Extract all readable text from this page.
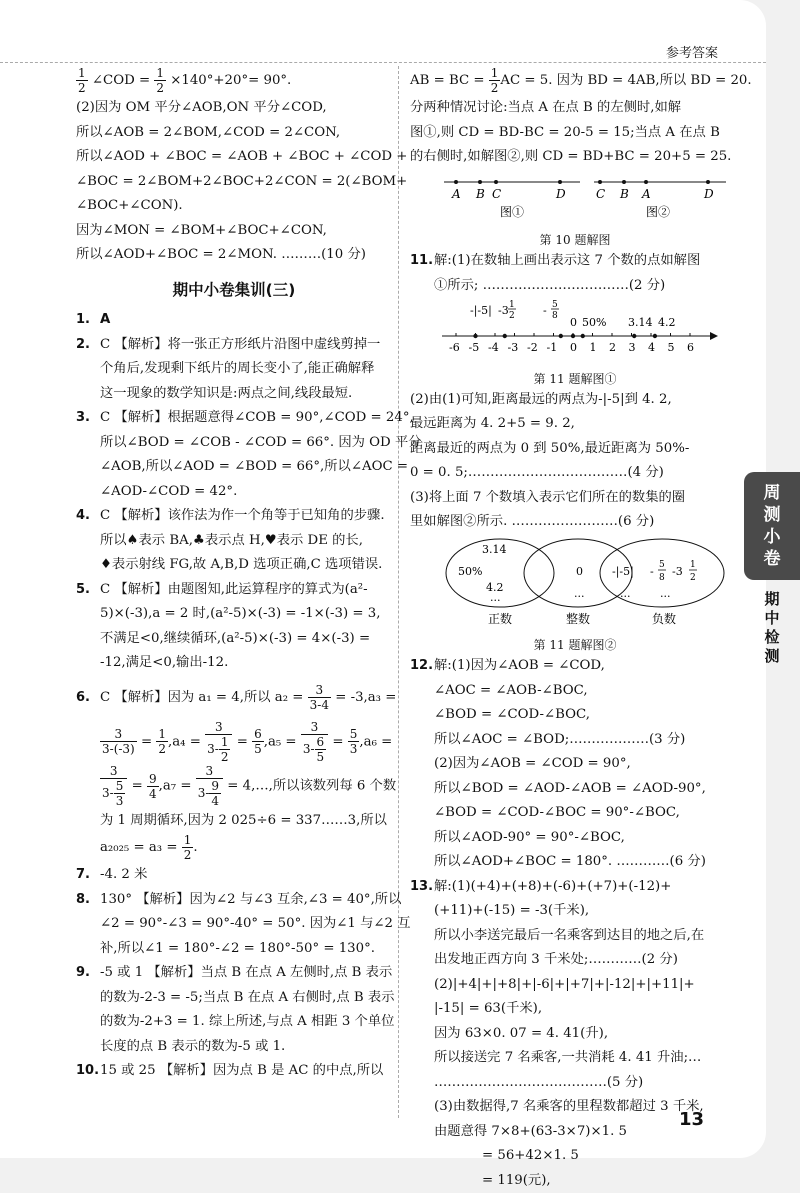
参考答案
$\frac{1}{2}$ ∠COD = $\frac{1}{2} \times 140^\circ+20^\circ= 90^\circ$.
(2)因为 OM 平分∠AOB,ON 平分∠COD,
所以∠AOB = 2∠BOM,∠COD = 2∠CON,
所以∠AOD + ∠BOC = ∠AOB + ∠BOC + ∠COD +
∠BOC = 2∠BOM+2∠BOC+2∠CON = 2(∠BOM+
∠BOC+∠CON).
因为∠MON = ∠BOM+∠BOC+∠CON,
所以∠AOD+∠BOC = 2∠MON. ………(10 分)
期中小卷集训(三)
1. A
2. C 【解析】将一张正方形纸片沿图中虚线剪掉一
个角后,发现剩下纸片的周长变小了,能正确解释
这一现象的数学知识是:两点之间,线段最短.
3. C 【解析】根据题意得∠COB = 90°,∠COD = 24°,
所以∠BOD = ∠COB - ∠COD = 66°. 因为 OD 平分
∠AOB,所以∠AOD = ∠BOD = 66°,所以∠AOC =
∠AOD-∠COD = 42°.
4. C 【解析】该作法为作一个角等于已知角的步骤.
所以♠表示 BA,♣表示点 H,♥表示 DE 的长,
♦表示射线 FG,故 A,B,D 选项正确,C 选项错误.
5. C 【解析】由题图知,此运算程序的算式为(a²-
5)×(-3),a = 2 时,(a²-5)×(-3) = -1×(-3) = 3,
不满足<0,继续循环,(a²-5)×(-3) = 4×(-3) =
-12,满足<0,输出-12.
6. C 【解析】因为 a₁ = 4,所以 $a_2 = \frac{3}{3-4} = -3,a_3$ =
$\frac{3}{3-(-3)} = \frac{1}{2} ,a_4 = \frac{3}{3- \frac{1}{2}} = \frac{6}{5} ,a_5 = \frac{3}{3- \frac{6}{5}} = \frac{5}{3} ,a_6$ =
$\frac{3}{3- \frac{5}{3}} = \frac{9}{4} ,a_7 = \frac{3}{3- \frac{9}{4}}$ = 4,…,所以该数列每 6 个数
为 1 周期循环,因为 2 025÷6 = 337……3,所以
$a_{2025} = a_3 = \frac{1}{2}$ .
7. -4. 2 米
8. 130° 【解析】因为∠2 与∠3 互余,∠3 = 40°,所以
∠2 = 90°-∠3 = 90°-40° = 50°. 因为∠1 与∠2 互
补,所以∠1 = 180°-∠2 = 180°-50° = 130°.
9. -5 或 1 【解析】当点 B 在点 A 左侧时,点 B 表示
的数为-2-3 = -5;当点 B 在点 A 右侧时,点 B 表示
的数为-2+3 = 1. 综上所述,与点 A 相距 3 个单位
长度的点 B 表示的数为-5 或 1.
10.15 或 25 【解析】因为点 B 是 AC 的中点,所以
AB = BC = $\frac{1}{2}$ AC = 5. 因为 BD = 4AB,所以 BD = 20.
分两种情况讨论:当点 A 在点 B 的左侧时,如解
图①,则 CD = BD-BC = 20-5 = 15;当点 A 在点 B
的右侧时,如解图②,则 CD = BD+BC = 20+5 = 25.
A B C	D	C B A	D
图①	图②
第 10 题解图
11.解:(1)在数轴上画出表示这 7 个数的点如解图
①所示; ……………………………(2 分)
-6 -5 -4 -3 -2 -1 0 1 2 3 4 5 6
-|-5| -3 1
2	- 5
8 0 50% 3.14 4.2
第 11 题解图①
(2)由(1)可知,距离最远的两点为-|-5|到 4. 2,
最远距离为 4. 2+5 = 9. 2,
距离最近的两点为 0 到 50%,最近距离为 50%-
0 = 0. 5;………………………………(4 分)
(3)将上面 7 个数填入表示它们所在的数集的圈
里如解图②所示. ……………………(6 分)
3.14
50%
4.2
...
0
...
-|-5|
...
- 5
8 -3 1
2
...
正数	整数	负数
第 11 题解图②
12.解:(1)因为∠AOB = ∠COD,
∠AOC = ∠AOB-∠BOC,
∠BOD = ∠COD-∠BOC,
所以∠AOC = ∠BOD;………………(3 分)
(2)因为∠AOB = ∠COD = 90°,
所以∠BOD = ∠AOD-∠AOB = ∠AOD-90°,
∠BOD = ∠COD-∠BOC = 90°-∠BOC,
所以∠AOD-90° = 90°-∠BOC,
所以∠AOD+∠BOC = 180°. …………(6 分)
13.解:(1)(+4)+(+8)+(-6)+(+7)+(-12)+
(+11)+(-15) = -3(千米),
所以小李送完最后一名乘客到达目的地之后,在
出发地正西方向 3 千米处;…………(2 分)
(2)|+4|+|+8|+|-6|+|+7|+|-12|+|+11|+
|-15| = 63(千米),
因为 63×0. 07 = 4. 41(升),
所以接送完 7 名乘客,一共消耗 4. 41 升油;…
…………………………………(5 分)
(3)由数据得,7 名乘客的里程数都超过 3 千米,
由题意得 7×8+(63-3×7)×1. 5
= 56+42×1. 5
= 119(元),
13
周
测
小
卷
期
中
检
测
